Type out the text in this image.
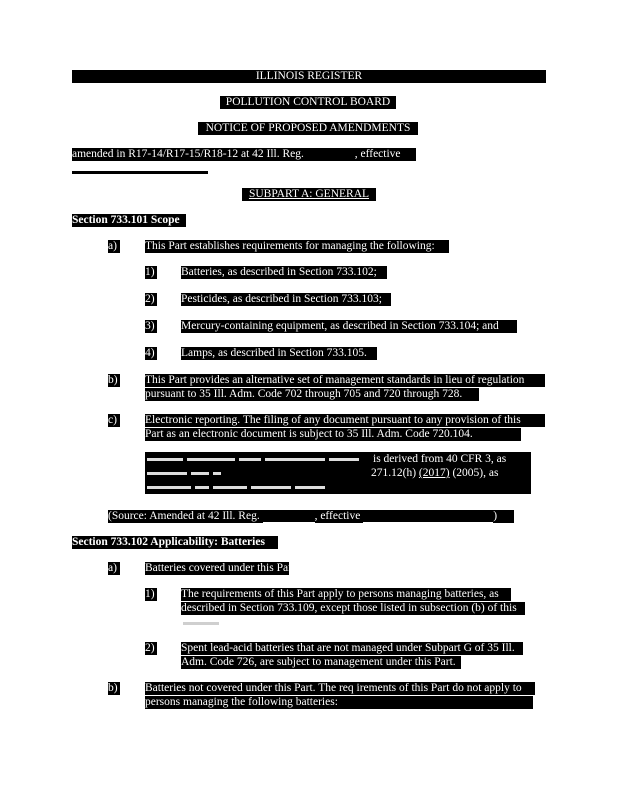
ILLINOIS REGISTER
POLLUTION CONTROL BOARD
NOTICE OF PROPOSED AMENDMENTS
amended in R17-14/R17-15/R18-12 at 42 Ill. Reg.	, effective
SUBPART A: GENERAL
Section 733.101 Scope
a) This Part establishes requirements for managing the following:
1) Batteries, as described in Section 733.102;
2) Pesticides, as described in Section 733.103;
3) Mercury-containing equipment, as described in Section 733.104; and
4) Lamps, as described in Section 733.105.
b) This Part provides an alternative set of management standards in lieu of regulation
pursuant to 35 Ill. Adm. Code 702 through 705 and 720 through 728.
c) Electronic reporting. The filing of any document pursuant to any provision of this
Part as an electronic document is subject to 35 Ill. Adm. Code 720.104.
is derived from 40 CFR 3, as
271.12(h) (2017) (2005), as
(Source: Amended at 42 Ill. Reg.	, effective	)
Section 733.102 Applicability: Batteries
a) Batteries covered under this Part.
1) The requirements of this Part apply to persons managing batteries, as
described in Section 733.109, except those listed in subsection (b) of this
2) Spent lead-acid batteries that are not managed under Subpart G of 35 Ill.
Adm. Code 726, are subject to management under this Part.
b) Batteries not covered under this Part. The req irements of this Part do not apply to
persons managing the following batteries:
